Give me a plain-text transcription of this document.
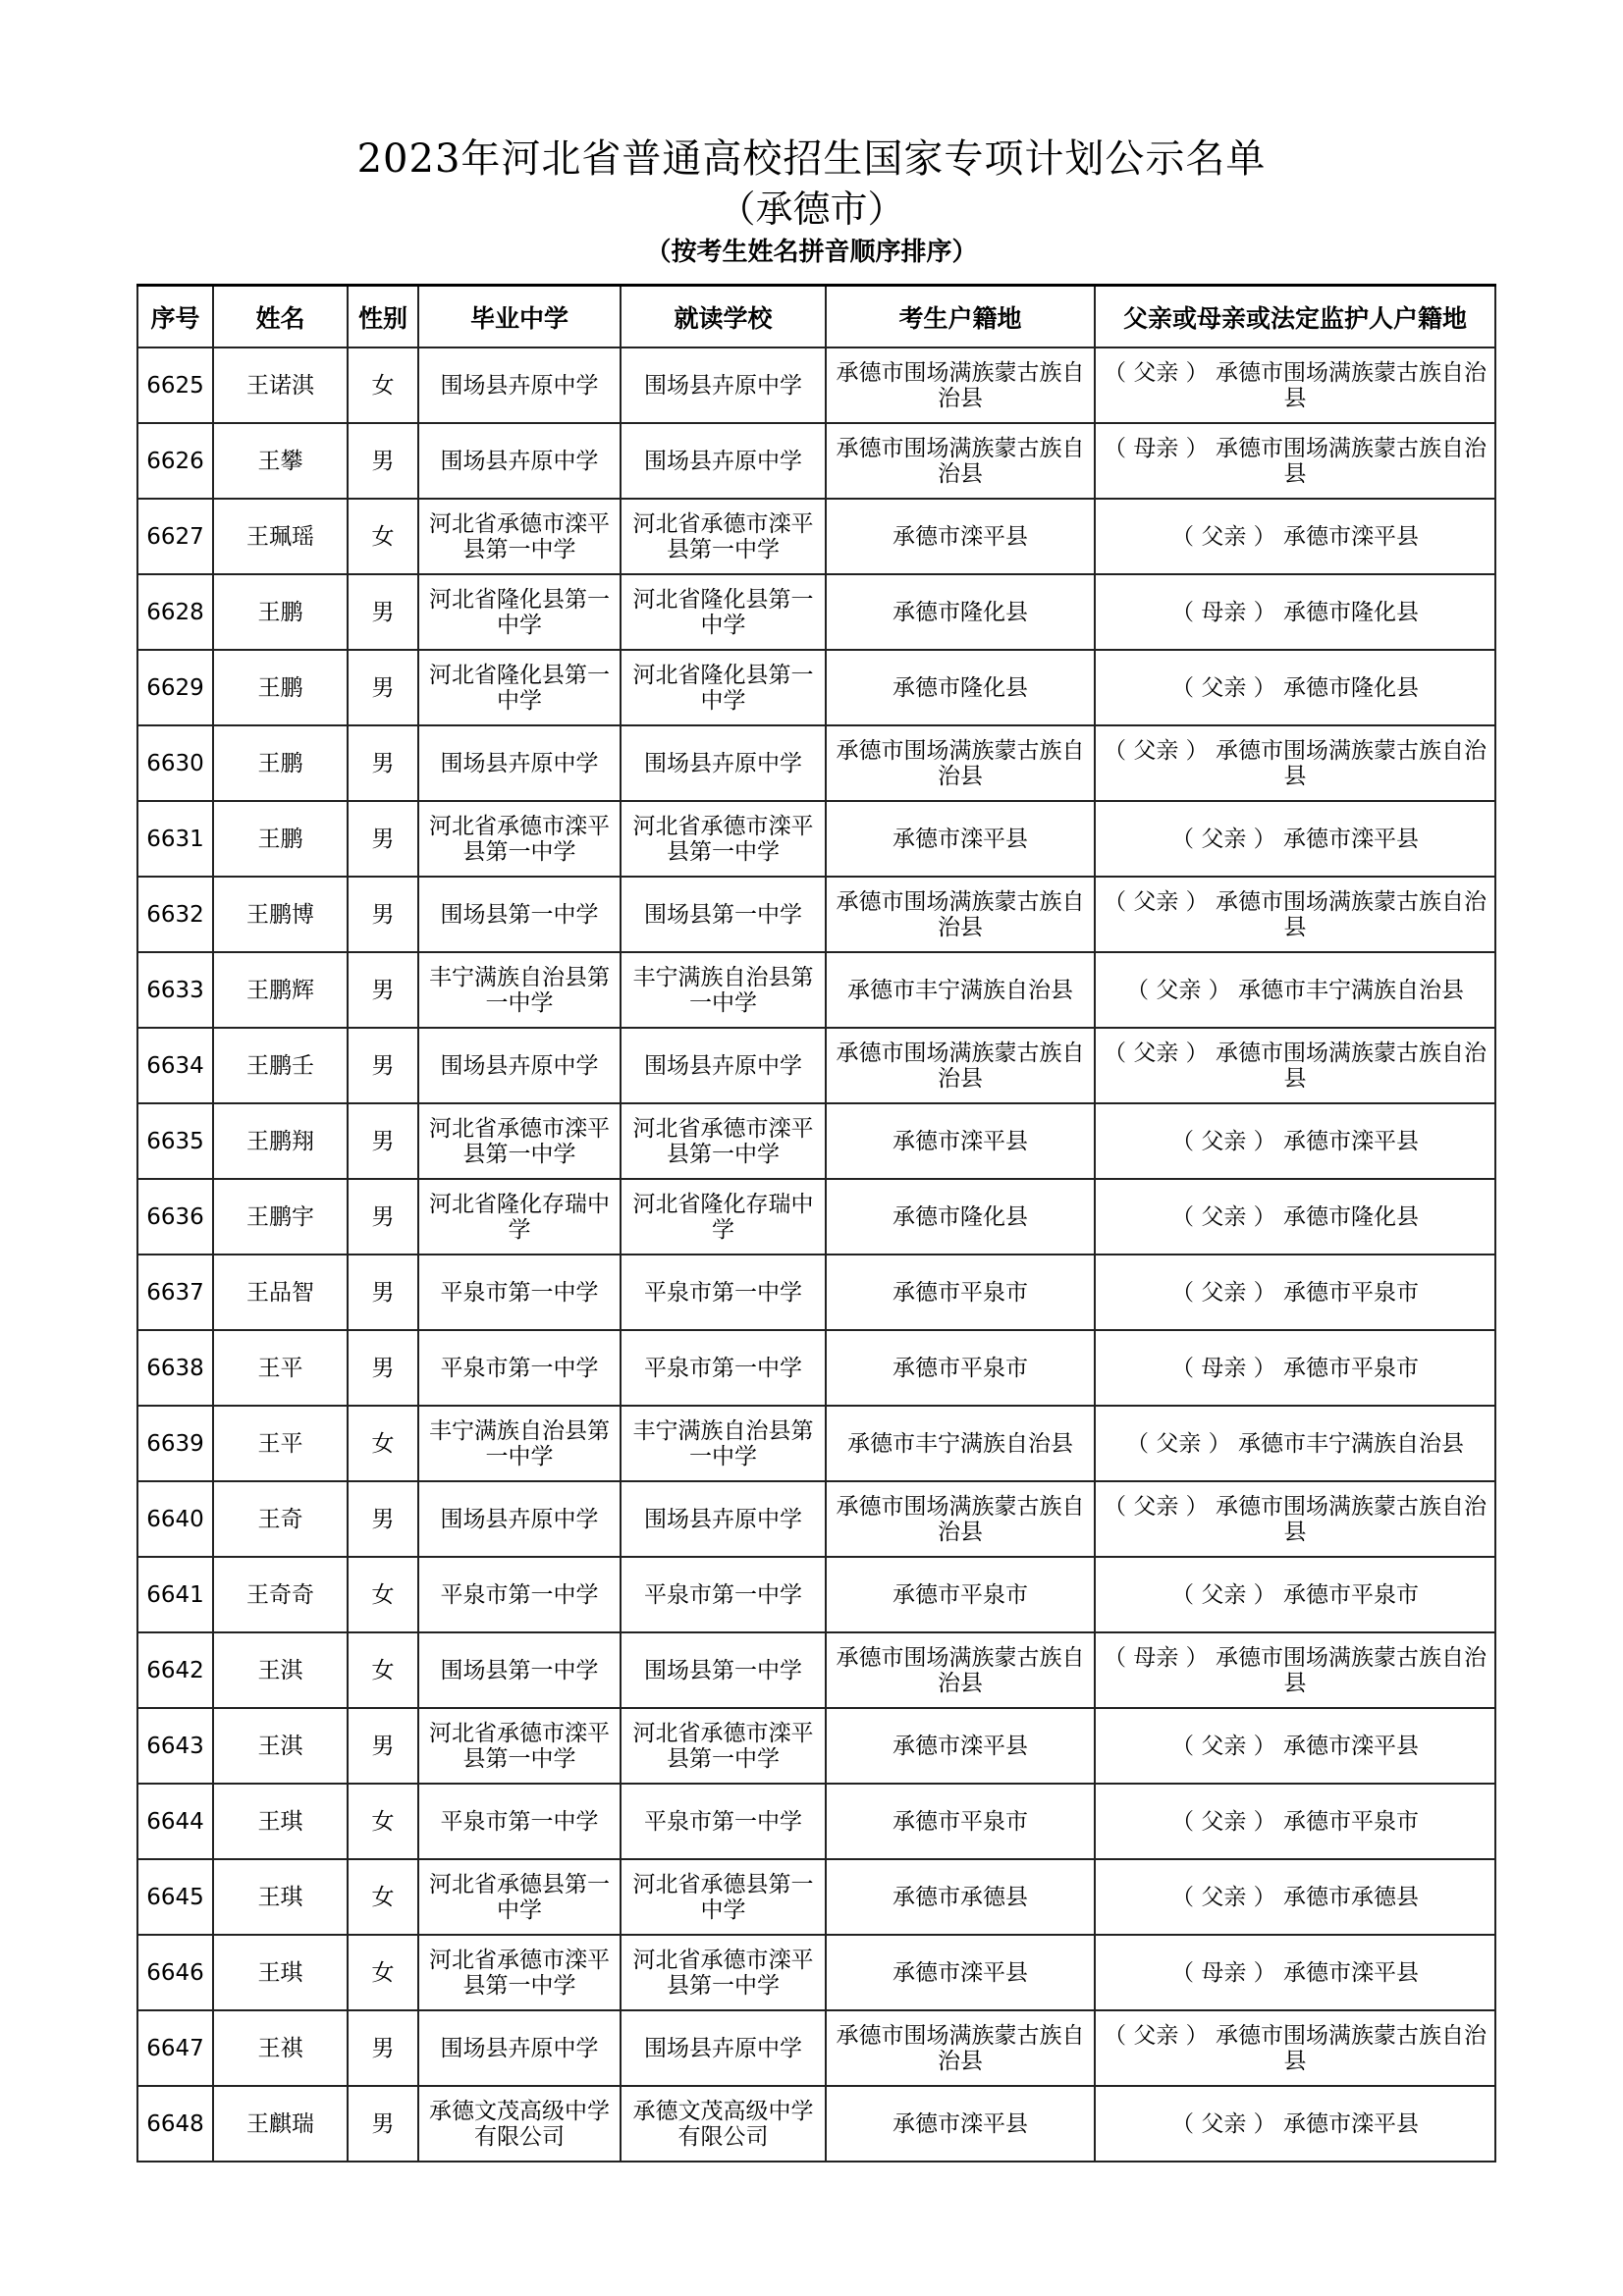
2023年河北省普通高校招生国家专项计划公示名单
（承德市）
（按考生姓名拼音顺序排序）
序号	姓名	性别	毕业中学	就读学校	考生户籍地	父亲或母亲或法定监护人户籍地
6625	王诺淇	女	围场县卉原中学	围场县卉原中学	承德市围场满族蒙古族自治县	（ 父亲 ） 承德市围场满族蒙古族自治县
6626	王攀	男	围场县卉原中学	围场县卉原中学	承德市围场满族蒙古族自治县	（ 母亲 ） 承德市围场满族蒙古族自治县
6627	王珮瑶	女	河北省承德市滦平县第一中学	河北省承德市滦平县第一中学	承德市滦平县	（ 父亲 ） 承德市滦平县
6628	王鹏	男	河北省隆化县第一中学	河北省隆化县第一中学	承德市隆化县	（ 母亲 ） 承德市隆化县
6629	王鹏	男	河北省隆化县第一中学	河北省隆化县第一中学	承德市隆化县	（ 父亲 ） 承德市隆化县
6630	王鹏	男	围场县卉原中学	围场县卉原中学	承德市围场满族蒙古族自治县	（ 父亲 ） 承德市围场满族蒙古族自治县
6631	王鹏	男	河北省承德市滦平县第一中学	河北省承德市滦平县第一中学	承德市滦平县	（ 父亲 ） 承德市滦平县
6632	王鹏博	男	围场县第一中学	围场县第一中学	承德市围场满族蒙古族自治县	（ 父亲 ） 承德市围场满族蒙古族自治县
6633	王鹏辉	男	丰宁满族自治县第一中学	丰宁满族自治县第一中学	承德市丰宁满族自治县	（ 父亲 ） 承德市丰宁满族自治县
6634	王鹏壬	男	围场县卉原中学	围场县卉原中学	承德市围场满族蒙古族自治县	（ 父亲 ） 承德市围场满族蒙古族自治县
6635	王鹏翔	男	河北省承德市滦平县第一中学	河北省承德市滦平县第一中学	承德市滦平县	（ 父亲 ） 承德市滦平县
6636	王鹏宇	男	河北省隆化存瑞中学	河北省隆化存瑞中学	承德市隆化县	（ 父亲 ） 承德市隆化县
6637	王品智	男	平泉市第一中学	平泉市第一中学	承德市平泉市	（ 父亲 ） 承德市平泉市
6638	王平	男	平泉市第一中学	平泉市第一中学	承德市平泉市	（ 母亲 ） 承德市平泉市
6639	王平	女	丰宁满族自治县第一中学	丰宁满族自治县第一中学	承德市丰宁满族自治县	（ 父亲 ） 承德市丰宁满族自治县
6640	王奇	男	围场县卉原中学	围场县卉原中学	承德市围场满族蒙古族自治县	（ 父亲 ） 承德市围场满族蒙古族自治县
6641	王奇奇	女	平泉市第一中学	平泉市第一中学	承德市平泉市	（ 父亲 ） 承德市平泉市
6642	王淇	女	围场县第一中学	围场县第一中学	承德市围场满族蒙古族自治县	（ 母亲 ） 承德市围场满族蒙古族自治县
6643	王淇	男	河北省承德市滦平县第一中学	河北省承德市滦平县第一中学	承德市滦平县	（ 父亲 ） 承德市滦平县
6644	王琪	女	平泉市第一中学	平泉市第一中学	承德市平泉市	（ 父亲 ） 承德市平泉市
6645	王琪	女	河北省承德县第一中学	河北省承德县第一中学	承德市承德县	（ 父亲 ） 承德市承德县
6646	王琪	女	河北省承德市滦平县第一中学	河北省承德市滦平县第一中学	承德市滦平县	（ 母亲 ） 承德市滦平县
6647	王祺	男	围场县卉原中学	围场县卉原中学	承德市围场满族蒙古族自治县	（ 父亲 ） 承德市围场满族蒙古族自治县
6648	王麒瑞	男	承德文茂高级中学有限公司	承德文茂高级中学有限公司	承德市滦平县	（ 父亲 ） 承德市滦平县
